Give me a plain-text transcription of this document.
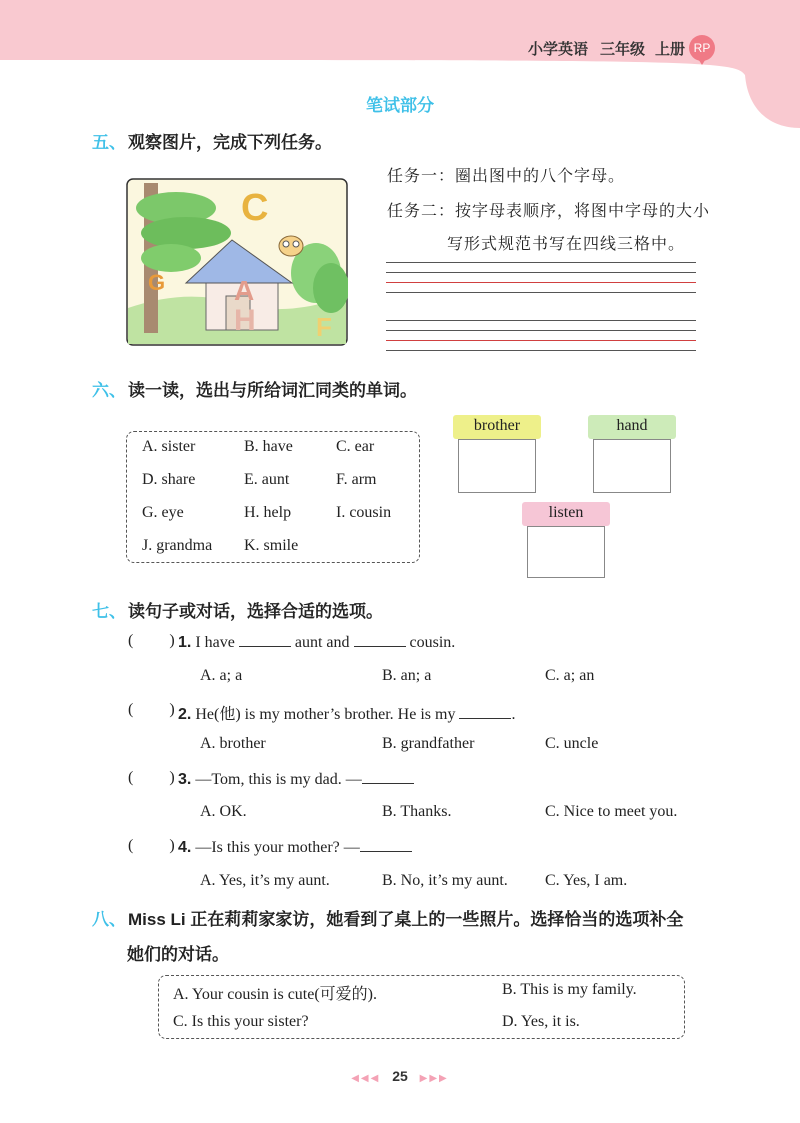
小学英语 三年级 上册 RP
笔试部分
五、 观察图片，完成下列任务。
C
G A
H F
任务一：圈出图中的八个字母。
任务二：按字母表顺序，将图中字母的大小
写形式规范书写在四线三格中。
六、 读一读，选出与所给词汇同类的单词。
A. sister	B. have	C. ear
D. share	E. aunt	F. arm
G. eye	H. help	I. cousin
J. grandma K. smile
brother	hand
listen
七、 读句子或对话，选择合适的选项。
( ) 1. I have	aunt and	cousin.
A. a; a	B. an; a	C. a; an
( ) 2. He(他) is my mother’s brother. He is my	.
A. brother	B. grandfather	C. uncle
( ) 3. —Tom, this is my dad. —
A. OK.	B. Thanks.	C. Nice to meet you.
( ) 4. —Is this your mother? —
A. Yes, it’s my aunt.	B. No, it’s my aunt. C. Yes, I am.
八、 Miss Li 正在莉莉家家访，她看到了桌上的一些照片。选择恰当的选项补全
她们的对话。
A. Your cousin is cute(可爱的).	B. This is my family.
C. Is this your sister?	D. Yes, it is.
◀◀◀ 25 ▶▶▶
